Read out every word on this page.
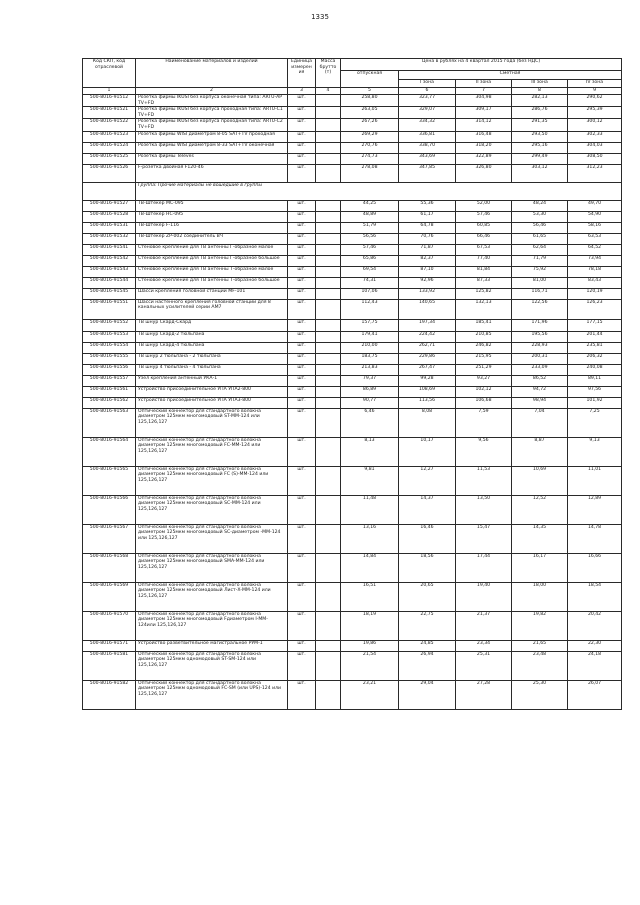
1335
Код СКП, код отраслевой	Наименование материалов и изделий	Единица измерения	Масса брутто (т)	Цена в рублях на 4 квартал 2015 года (без НДС)				
				отпускная	Сметная			
					I зона	II зона	III зона	IV зона
1	2	3	4	5	6	7	8	9
500-8016-91512	Розетка фирмы IKUSI без корпуса оконечная типа: ARTU-AP TV+FD	шт.		258,80	323,77	304,98	282,13	290,62
500-8016-91521	Розетка фирмы IKUSI без корпуса проходная типа: ARTU-C1 TV+FD	шт.		263,05	329,07	309,17	286,76	295,39
500-8016-91522	Розетка фирмы IKUSI без корпуса проходная типа: ARTU-C2 TV+FD	шт.		267,26	334,32	314,12	291,35	300,12
500-8016-91523	Розетка фирмы WISI диаметром 8-05 SAT+TV проходная	шт.		269,29	336,81	316,48	293,50	302,33
500-8016-91524	Розетка фирмы WISI диаметром 8-33 SAT+TV оконечная	шт.		270,76	338,70	318,20	295,16	304,03
500-8016-91525	Розетка фирмы Televes	шт.		274,73	343,69	322,89	299,49	308,50
500-8016-91526	F-розетка двойная F120-46	шт.		278,08	347,85	326,80	303,12	312,23
	Группа: Прочие материалы не вошедшие в группы							
500-8016-91527	ТВ-Штекер МС-095	шт.		44,25	55,36	52,00	48,24	49,70
500-8016-91528	ТВ-Штекер НС-095	шт.		48,89	61,17	57,46	53,30	54,90
500-8016-91531	ТВ-Штекер F-116	шт.		51,79	64,78	60,85	56,46	58,16
500-8016-91532	ТВ-Штекер ZP-002 соединитель ВЧ	шт.		56,56	70,76	66,46	61,65	63,53
500-8016-91541	Стеновое крепление для ТВ антенны Г-образное малое	шт.		57,46	71,87	67,53	62,64	64,52
500-8016-91542	Стеновое крепление для ТВ антенны Г-образное большое	шт.		65,86	82,37	77,40	71,79	73,94
500-8016-91543	Стеновое крепление для ТВ антенны Т-образное малое	шт.		69,54	87,10	81,84	75,92	78,18
500-8016-91544	Стеновое крепление для ТВ антенны Т-образное большое	шт.		74,31	92,96	87,33	81,00	83,43
500-8016-91545	Шасси крепления головной станции MF-101	шт.		107,06	133,92	125,82	116,71	120,19
500-8016-91551	Шасси настенного крепления головной станции для 8 канальных усилителей серии AM7	шт.		112,43	140,65	132,13	122,56	126,23
500-8016-91552	ТВ шнур Скард-Скард	шт.		157,75	197,34	185,41	171,96	177,15
500-8016-91553	ТВ шнур Скард-2 тюльпана	шт.		179,41	224,42	210,85	195,56	201,44
500-8016-91554	ТВ шнур Скард-4 тюльпана	шт.		210,00	262,71	246,82	228,93	235,81
500-8016-91555	ТВ шнур 2 тюльпана - 2 тюльпана	шт.		183,75	229,86	215,95	200,31	206,32
500-8016-91556	ТВ шнур 4 тюльпана - 4 тюльпана	шт.		213,83	267,47	251,29	233,09	240,08
500-8016-91557	Узел крепления антенный УКА-1	шт.		79,37	99,28	93,27	86,52	89,11
500-8016-91561	Устройство присоединительное УПА УПА2-800	шт.		86,89	108,69	102,12	94,72	97,56
500-8016-91562	Устройство присоединительное УПА УПА3-800	шт.		90,77	113,56	106,68	98,94	101,92
500-8016-91563	Оптический коннектор для стандартного волокна диаметром 125мкм многомодовый ST-MM-124 или 125,126,127	шт.		6,46	8,08	7,59	7,04	7,25
500-8016-91564	Оптический коннектор для стандартного волокна диаметром 125мкм многомодовый FC-MM-124 или 125,126,127	шт.		8,13	10,17	9,56	8,87	9,13
500-8016-91565	Оптический коннектор для стандартного волокна диаметром 125мкм многомодовый FC (S)-MM-124 или 125,126,127	шт.		9,81	12,27	11,53	10,69	11,01
500-8016-91566	Оптический коннектор для стандартного волокна диаметром 125мкм многомодовый SC-MM-124 или 125,126,127	шт.		11,48	14,37	13,50	12,52	12,89
500-8016-91567	Оптический коннектор для стандартного волокна диаметром 125мкм многомодовый SC-диаметром -MM-124 или 125,126,127	шт.		13,16	16,46	15,47	14,35	14,78
500-8016-91568	Оптический коннектор для стандартного волокна диаметром 125мкм многомодовый SMA-MM-124 или 125,126,127	шт.		14,84	18,56	17,44	16,17	16,66
500-8016-91569	Оптический коннектор для стандартного волокна диаметром 125мкм многомодовый Лист-X-MM-124 или 125,126,127	шт.		16,51	20,65	19,40	18,00	18,54
500-8016-91570	Оптический коннектор для стандартного волокна диаметром 125мкм многомодовый Fдиаметром I-MM-124или 125,126,127	шт.		18,19	22,75	21,37	19,82	20,42
500-8016-91571	Устройство разветвительное магистральное РУМ-1	шт.		19,86	24,85	23,34	21,65	22,30
500-8016-91581	Оптический коннектор для стандартного волокна диаметром 125мкм одномодовый ST-SM-124 или 125,126,127	шт.		21,54	26,94	25,31	23,48	24,18
500-8016-91582	Оптический коннектор для стандартного волокна диаметром 125мкм одномодовый FC-SM (или UPS)-124 или 125,126,127	шт.		23,21	29,04	27,28	25,30	26,07
